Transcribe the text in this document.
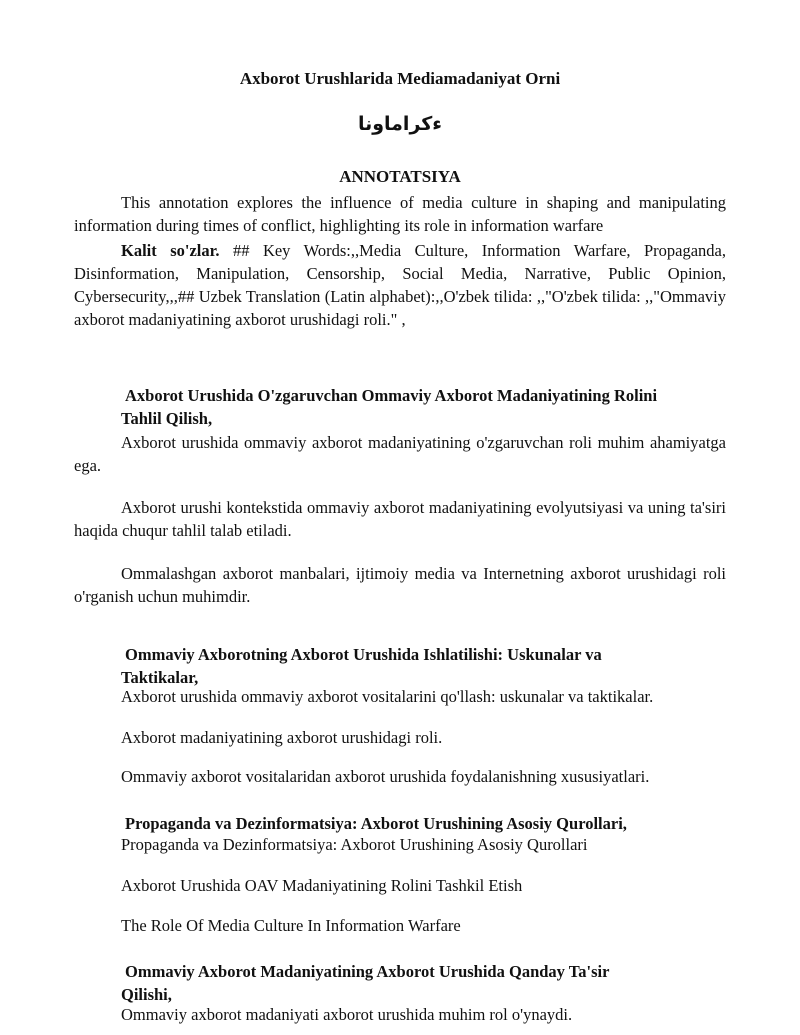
Axborot Urushlarida Mediamadaniyat Orni
ءكراماونا
ANNOTATSIYA

This annotation explores the influence of media culture in shaping and manipulating information during times of conflict, highlighting its role in information warfare

Kalit so'zlar. ## Key Words:,,Media Culture, Information Warfare, Propaganda, Disinformation, Manipulation, Censorship, Social Media, Narrative, Public Opinion, Cybersecurity,,,## Uzbek Translation (Latin alphabet):,,O'zbek tilida: ,,"O'zbek tilida: ,,"Ommaviy axborot madaniyatining axborot urushidagi roli." ,

Axborot Urushida O'zgaruvchan Ommaviy Axborot Madaniyatining Rolini
Tahlil Qilish,

Axborot urushida ommaviy axborot madaniyatining o'zgaruvchan roli muhim ahamiyatga ega.

Axborot urushi kontekstida ommaviy axborot madaniyatining evolyutsiyasi va uning ta'siri haqida chuqur tahlil talab etiladi.

Ommalashgan axborot manbalari, ijtimoiy media va Internetning axborot urushidagi roli o'rganish uchun muhimdir.

Ommaviy Axborotning Axborot Urushida Ishlatilishi: Uskunalar va
Taktikalar,

Axborot urushida ommaviy axborot vositalarini qo'llash: uskunalar va taktikalar.

Axborot madaniyatining axborot urushidagi roli.

Ommaviy axborot vositalaridan axborot urushida foydalanishning xususiyatlari.

Propaganda va Dezinformatsiya: Axborot Urushining Asosiy Qurollari,

Propaganda va Dezinformatsiya: Axborot Urushining Asosiy Qurollari

Axborot Urushida OAV Madaniyatining Rolini Tashkil Etish

The Role Of Media Culture In Information Warfare

Ommaviy Axborot Madaniyatining Axborot Urushida Qanday Ta'sir
Qilishi,

Ommaviy axborot madaniyati axborot urushida muhim rol o'ynaydi.
